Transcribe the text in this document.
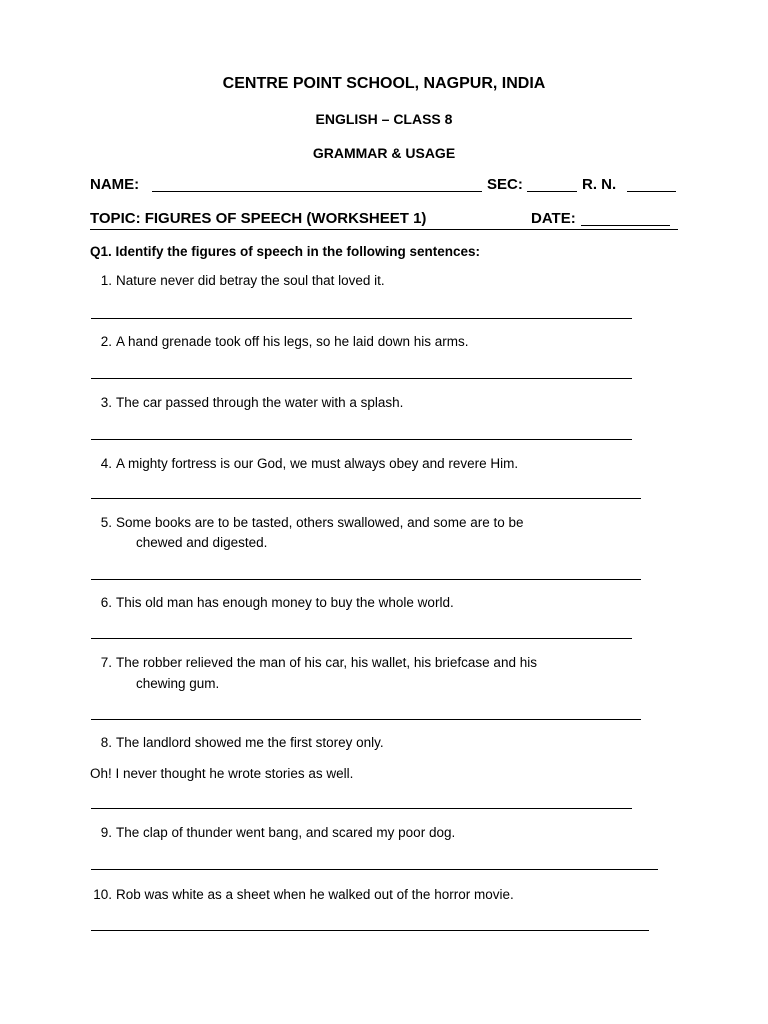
CENTRE POINT SCHOOL, NAGPUR, INDIA
ENGLISH – CLASS 8
GRAMMAR & USAGE
NAME:	SEC:	R. N.
TOPIC: FIGURES OF SPEECH (WORKSHEET 1)	DATE:
Q1. Identify the figures of speech in the following sentences:
1. Nature never did betray the soul that loved it.
2. A hand grenade took off his legs, so he laid down his arms.
3. The car passed through the water with a splash.
4. A mighty fortress is our God, we must always obey and revere Him.
5. Some books are to be tasted, others swallowed, and some are to be
chewed and digested.
6. This old man has enough money to buy the whole world.
7. The robber relieved the man of his car, his wallet, his briefcase and his
chewing gum.
8. The landlord showed me the first storey only.
Oh! I never thought he wrote stories as well.
9. The clap of thunder went bang, and scared my poor dog.
10. Rob was white as a sheet when he walked out of the horror movie.
